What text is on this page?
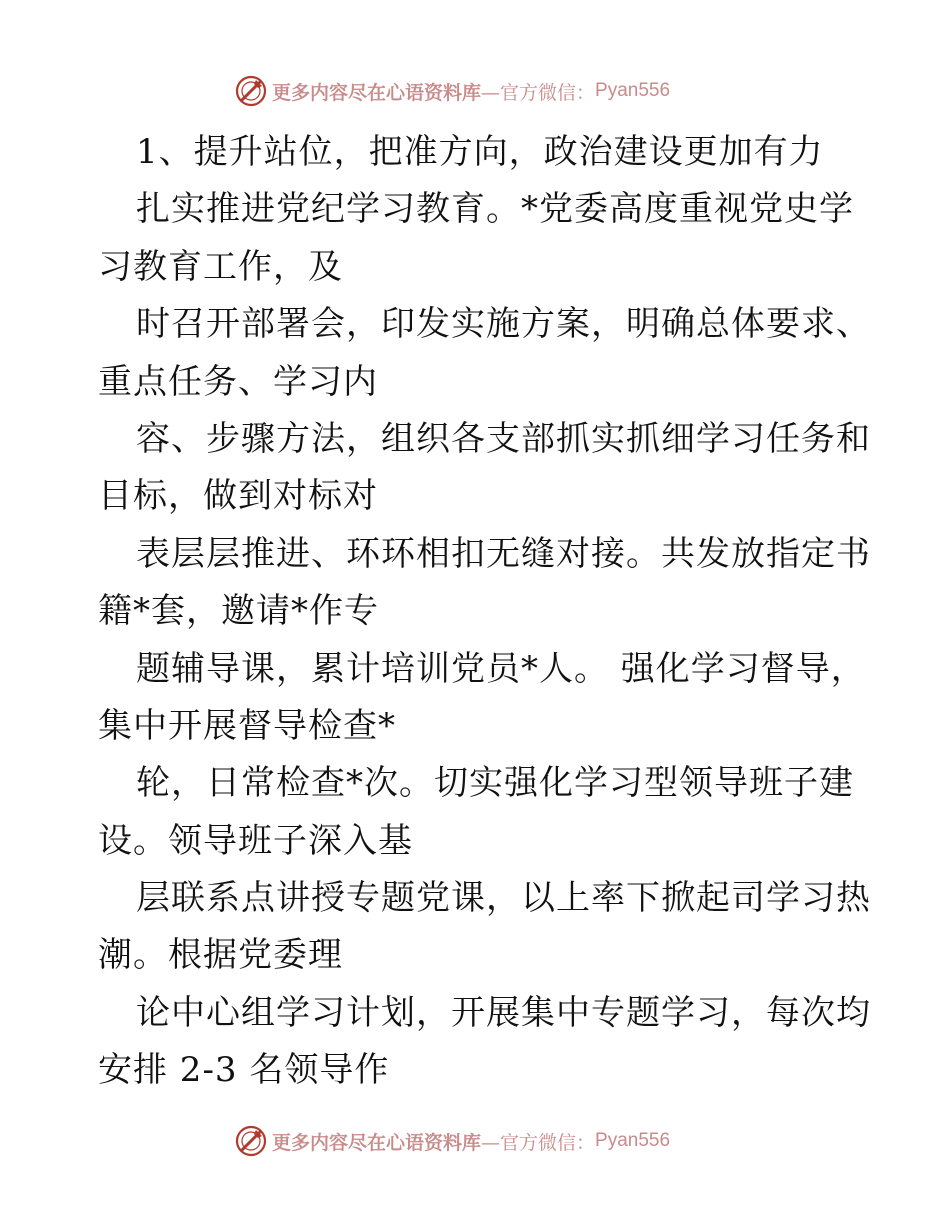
更多内容尽在心语资料库 —官方微信： Pyan556
1、提升站位，把准方向，政治建设更加有力
扎实推进党纪学习教育。*党委高度重视党史学
习教育工作，及
时召开部署会，印发实施方案，明确总体要求、
重点任务、学习内
容、步骤方法，组织各支部抓实抓细学习任务和
目标，做到对标对
表层层推进、环环相扣无缝对接。共发放指定书
籍*套，邀请*作专
题辅导课，累计培训党员*人。 强化学习督导，
集中开展督导检查*
轮，日常检查*次。切实强化学习型领导班子建
设。领导班子深入基
层联系点讲授专题党课，以上率下掀起司学习热
潮。根据党委理
论中心组学习计划，开展集中专题学习，每次均
安排 2-3 名领导作
更多内容尽在心语资料库 —官方微信： Pyan556
